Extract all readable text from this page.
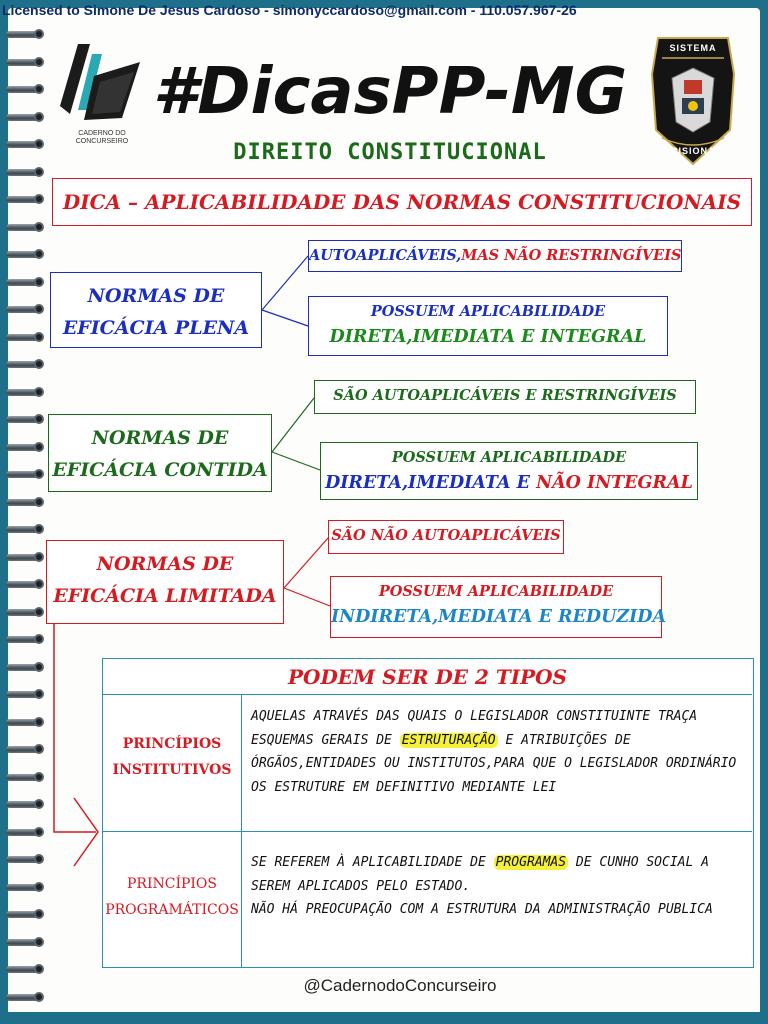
Licensed to Simone De Jesus Cardoso - simonyccardoso@gmail.com - 110.057.967-26
CADERNO DO
CONCURSEIRO
SISTEMA
PRISIONAL
#DicasPP-MG
DIREITO CONSTITUCIONAL
DICA – APLICABILIDADE DAS NORMAS CONSTITUCIONAIS
NORMAS DE
EFICÁCIA PLENA
AUTOAPLICÁVEIS,MAS NÃO RESTRINGÍVEIS
POSSUEM APLICABILIDADE
DIRETA,IMEDIATA E INTEGRAL
NORMAS DE
EFICÁCIA CONTIDA
SÃO AUTOAPLICÁVEIS E RESTRINGÍVEIS
POSSUEM APLICABILIDADE
DIRETA,IMEDIATA E NÃO INTEGRAL
NORMAS DE
EFICÁCIA LIMITADA
SÃO NÃO AUTOAPLICÁVEIS
POSSUEM APLICABILIDADE
INDIRETA,MEDIATA E REDUZIDA
PODEM SER DE 2 TIPOS
PRINCÍPIOS
INSTITUTIVOS
AQUELAS ATRAVÉS DAS QUAIS O LEGISLADOR CONSTITUINTE TRAÇA ESQUEMAS GERAIS DE ESTRUTURAÇÃO E ATRIBUIÇÕES DE ÓRGÃOS,ENTIDADES OU INSTITUTOS,PARA QUE O LEGISLADOR ORDINÁRIO OS ESTRUTURE EM DEFINITIVO MEDIANTE LEI
PRINCÍPIOS
PROGRAMÁTICOS
SE REFEREM À APLICABILIDADE DE PROGRAMAS DE CUNHO SOCIAL A SEREM APLICADOS PELO ESTADO.
NÃO HÁ PREOCUPAÇÃO COM A ESTRUTURA DA ADMINISTRAÇÃO PUBLICA
@CadernodoConcurseiro
